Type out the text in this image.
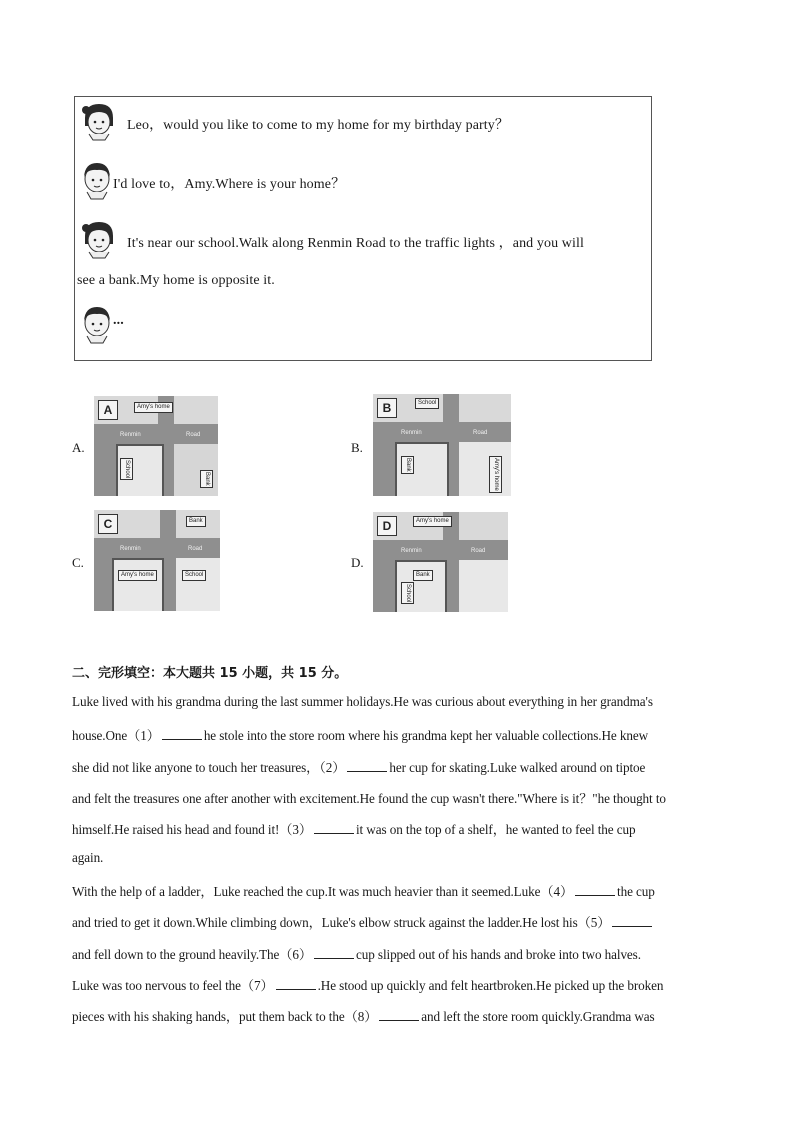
Leo，would you like to come to my home for my birthday party？
I'd love to，Amy.Where is your home？
It's near our school.Walk along Renmin Road to the traffic lights ，and you will
see a bank.My home is opposite it.
...
A.
A	Amy's home
School
Bank
Renmin	Road
B.
B	School
Bank	Amy's home
Renmin	Road
C.
C	Bank
Amy's home	School
Renmin	Road
D.
D	Amy's home
Bank
School
Renmin	Road
二、完形填空：本大题共 15 小题，共 15 分。
Luke lived with his grandma during the last summer holidays.He was curious about everything in her grandma's
house.One（1）	he stole into the store room where his grandma kept her valuable collections.He knew
she did not like anyone to touch her treasures，（2）	her cup for skating.Luke walked around on tiptoe
and felt the treasures one after another with excitement.He found the cup wasn't there."Where is it？"he thought to
himself.He raised his head and found it!（3）	it was on the top of a shelf，he wanted to feel the cup
again.
With the help of a ladder，Luke reached the cup.It was much heavier than it seemed.Luke（4）	the cup
and tried to get it down.While climbing down，Luke's elbow struck against the ladder.He lost his（5）
and fell down to the ground heavily.The（6）	cup slipped out of his hands and broke into two halves.
Luke was too nervous to feel the（7）	.He stood up quickly and felt heartbroken.He picked up the broken
pieces with his shaking hands，put them back to the（8）	and left the store room quickly.Grandma was
